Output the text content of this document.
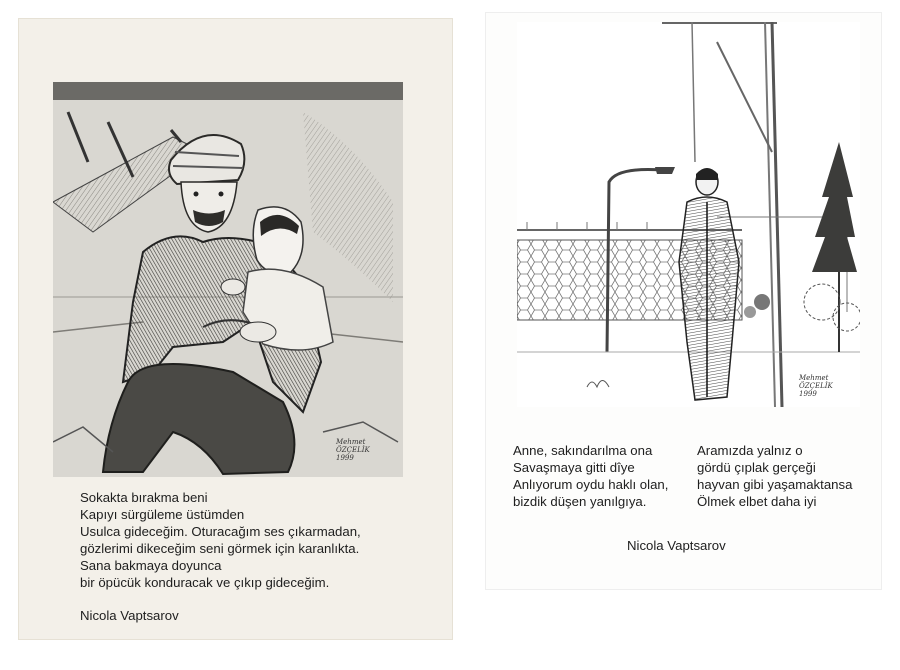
Mehmet
ÖZÇELİK
1999
Sokakta bırakma beni
Kapıyı sürgüleme üstümden
Usulca gideceğim. Oturacağım ses çıkarmadan,
gözlerimi dikeceğim seni görmek için karanlıkta.
Sana bakmaya doyunca
bir öpücük konduracak ve çıkıp gideceğim.
Nicola Vaptsarov
Mehmet ÖZÇELİK
1999
Anne, sakındarılma ona
Savaşmaya gitti dîye
Anlıyorum oydu haklı olan,
bizdik düşen yanılgıya.
Aramızda yalnız o
gördü çıplak gerçeği
hayvan gibi yaşamaktansa
Ölmek elbet daha iyi
Nicola Vaptsarov
